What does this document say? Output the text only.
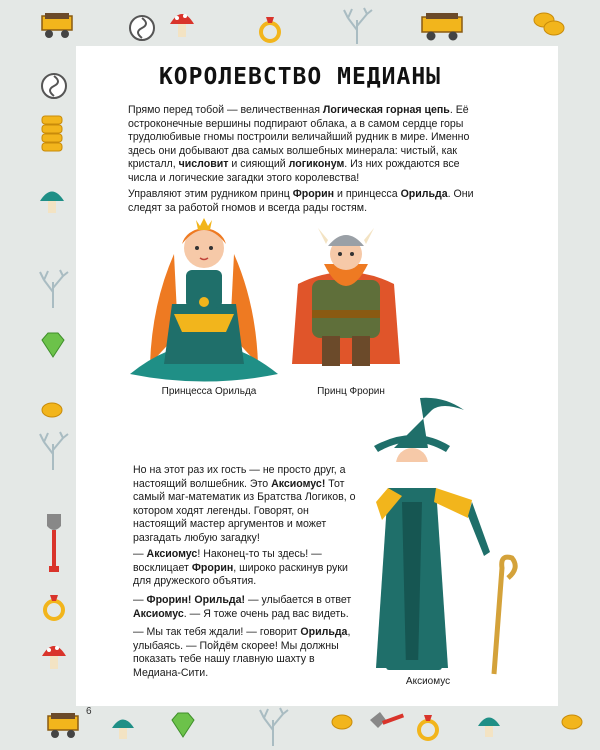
КОРОЛЕВСТВО МЕДИАНЫ
Прямо перед тобой — величественная Логическая горная цепь. Её остроконечные вершины подпирают облака, а в самом сердце горы трудолюбивые гномы построили величайший рудник в мире. Именно здесь они добывают два самых волшебных минерала: чистый, как кристалл, числовит и сияющий логиконум. Из них рождаются все числа и логические загадки этого королевства!
Управляют этим рудником принц Фрорин и принцесса Орильда. Они следят за работой гномов и всегда рады гостям.
Принцесса Орильда	Принц Фрорин
Но на этот раз их гость — не просто друг, а настоящий волшебник. Это Аксиомус! Тот самый маг-математик из Братства Логиков, о котором ходят легенды. Говорят, он настоящий мастер аргументов и может разгадать любую загадку!
— Аксиомус! Наконец-то ты здесь! — восклицает Фрорин, широко раскинув руки для дружеского объятия.
— Фрорин! Орильда! — улыбается в ответ Аксиомус. — Я тоже очень рад вас видеть.
— Мы так тебя ждали! — говорит Орильда, улыбаясь. — Пойдём скорее! Мы должны показать тебе нашу главную шахту в Медиана-Сити.
Аксиомус
6
